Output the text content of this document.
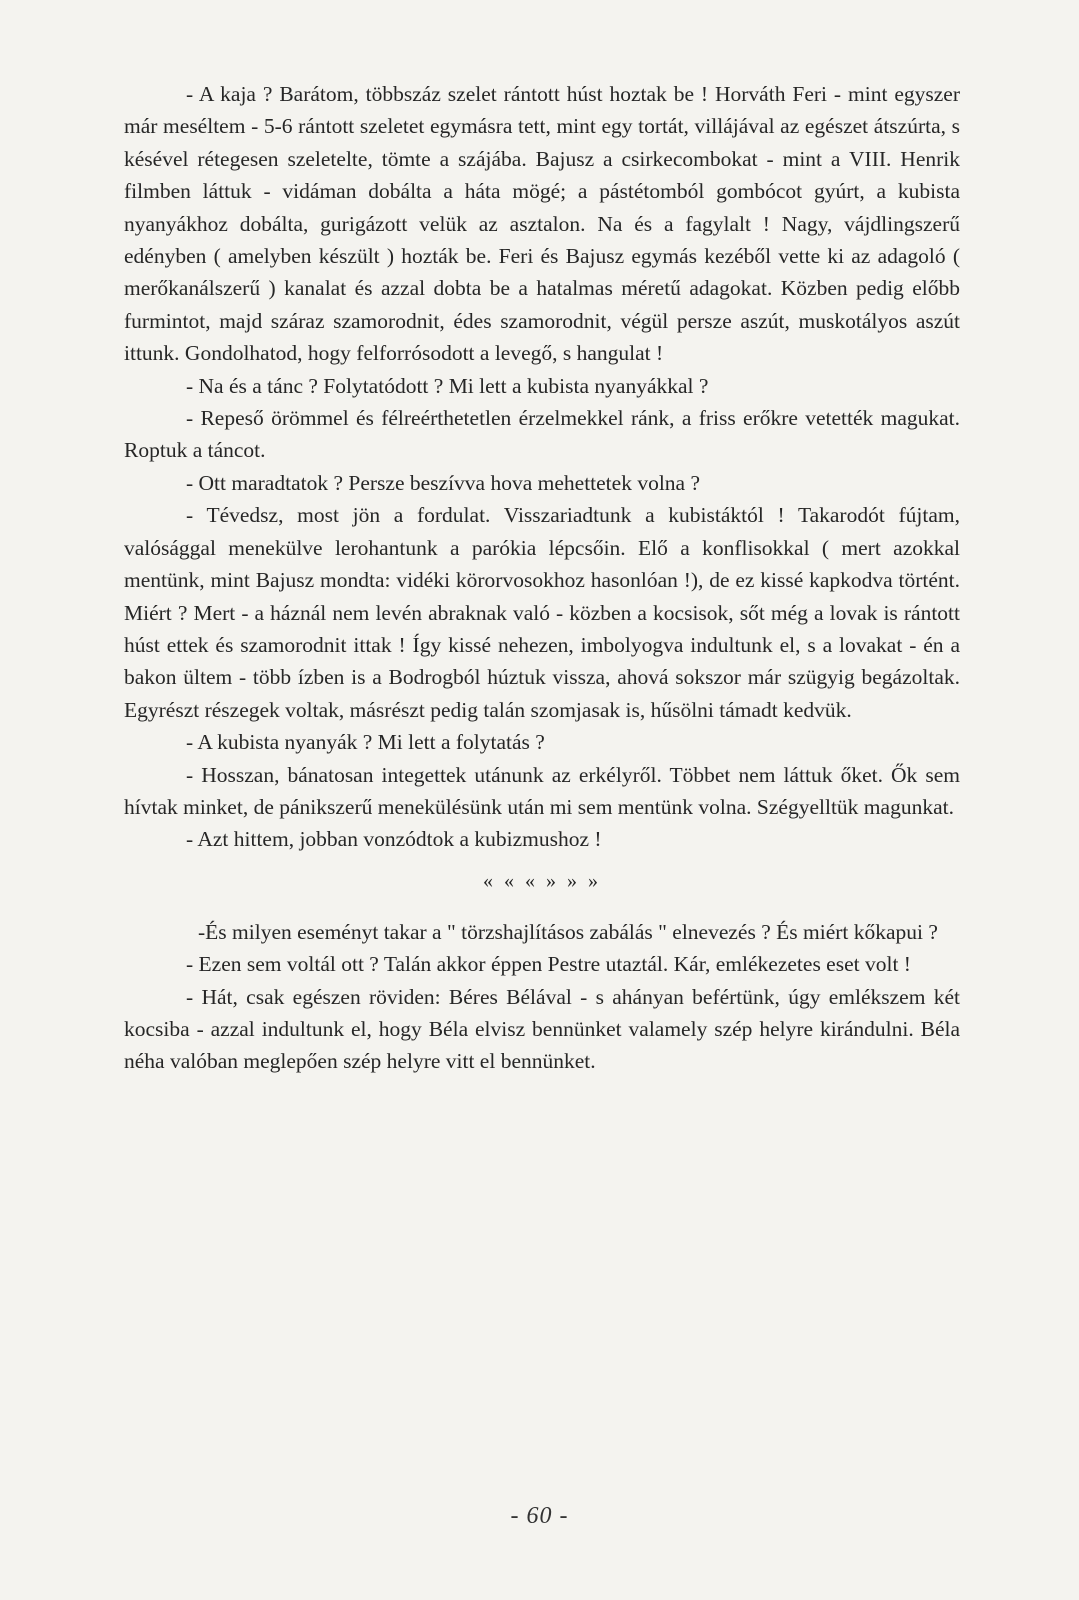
- A kaja ? Barátom, többszáz szelet rántott húst hoztak be ! Horváth Feri - mint egyszer már meséltem - 5-6 rántott szeletet egymásra tett, mint egy tortát, villájával az egészet átszúrta, s késével rétegesen szeletelte, tömte a szájába. Bajusz a csirkecombokat - mint a VIII. Henrik filmben láttuk - vidáman dobálta a háta mögé; a pástétomból gombócot gyúrt, a kubista nyanyákhoz dobálta, gurigázott velük az asztalon. Na és a fagylalt ! Nagy, vájdlingszerű edényben ( amelyben készült ) hozták be. Feri és Bajusz egymás kezéből vette ki az adagoló ( merőkanálszerű ) kanalat és azzal dobta be a hatalmas méretű adagokat. Közben pedig előbb furmintot, majd száraz szamorodnit, édes szamorodnit, végül persze aszút, muskotályos aszút ittunk. Gondolhatod, hogy felforrósodott a levegő, s hangulat !

- Na és a tánc ? Folytatódott ? Mi lett a kubista nyanyákkal ?

- Repeső örömmel és félreérthetetlen érzelmekkel ránk, a friss erőkre vetették magukat. Roptuk a táncot.

- Ott maradtatok ? Persze beszívva hova mehettetek volna ?

- Tévedsz, most jön a fordulat. Visszariadtunk a kubistáktól ! Takarodót fújtam, valósággal menekülve lerohantunk a parókia lépcsőin. Elő a konflisokkal ( mert azokkal mentünk, mint Bajusz mondta: vidéki körorvosokhoz hasonlóan !), de ez kissé kapkodva történt. Miért ? Mert - a háznál nem levén abraknak való - közben a kocsisok, sőt még a lovak is rántott húst ettek és szamorodnit ittak ! Így kissé nehezen, imbolyogva indultunk el, s a lovakat - én a bakon ültem - több ízben is a Bodrogból húztuk vissza, ahová sokszor már szügyig begázoltak. Egyrészt részegek voltak, másrészt pedig talán szomjasak is, hűsölni támadt kedvük.

- A kubista nyanyák ? Mi lett a folytatás ?

- Hosszan, bánatosan integettek utánunk az erkélyről. Többet nem láttuk őket. Ők sem hívtak minket, de pánikszerű menekülésünk után mi sem mentünk volna. Szégyelltük magunkat.

- Azt hittem, jobban vonzódtok a kubizmushoz !

« « « » » »

-És milyen eseményt takar a " törzshajlításos zabálás " elnevezés ? És miért kőkapui ?

- Ezen sem voltál ott ? Talán akkor éppen Pestre utaztál. Kár, emlékezetes eset volt !

- Hát, csak egészen röviden: Béres Bélával - s ahányan befértünk, úgy emlékszem két kocsiba - azzal indultunk el, hogy Béla elvisz bennünket valamely szép helyre kirándulni. Béla néha valóban meglepően szép helyre vitt el bennünket.

- 60 -
